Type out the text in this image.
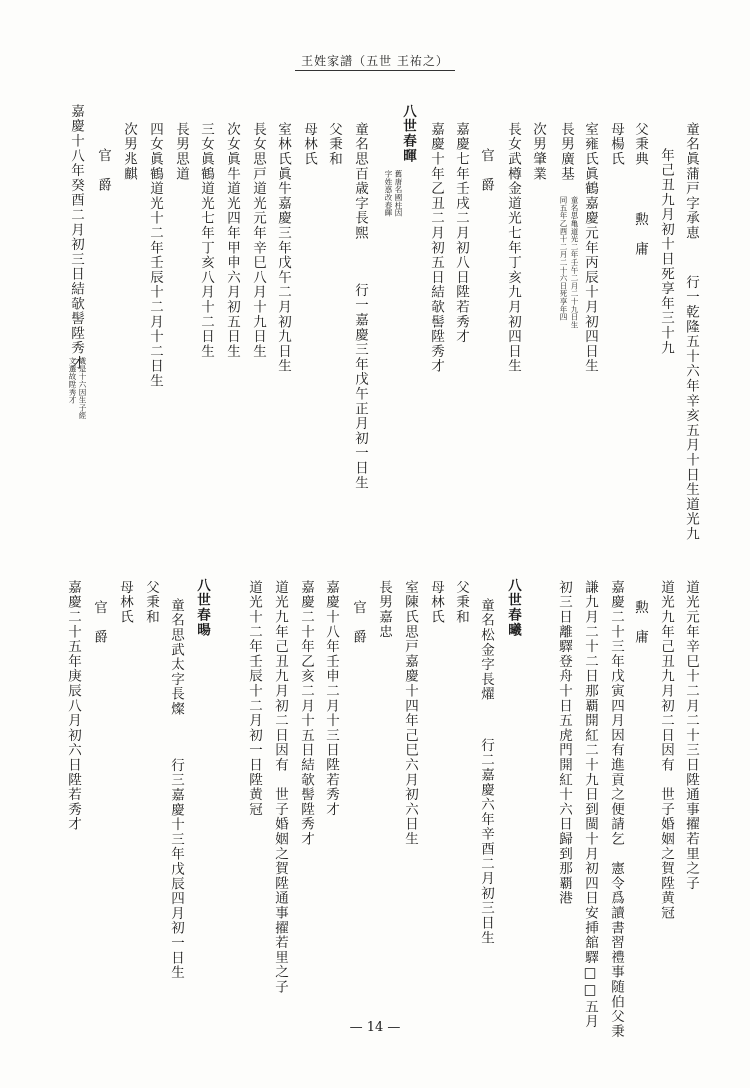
王姓家譜（五世 王祐之）
童名眞蒲戸字承恵
行一乾隆五十六年辛亥五月十日生道光九
年己丑九月初十日死享年三十九
父秉典
勲　庸
母楊氏
室雍氏眞鶴嘉慶元年丙辰十月初四日生
長男廣基
童名思亀道光二年壬午二月二十九日生
同五年乙酉十二月二十六日死享年四
次男肇業
長女武樽金道光七年丁亥九月初四日生
官　爵
嘉慶七年壬戌二月初八日陞若秀才
嘉慶十年乙丑二月初五日結欹髻陞秀才
八世春暉
舊唐名國柱因
字姓惑改春暉
童名思百歳字長煕
行一嘉慶三年戊午正月初一日生
父秉和
母林氏
室林氏眞牛嘉慶三年戊午二月初九日生
長女思戸道光元年辛巳八月十九日生
次女眞牛道光四年甲申六月初五日生
三女眞鶴道光七年丁亥八月十二日生
長男思道
四女眞鶴道光十二年壬辰十二月十二日生
次男兆麒
官　爵
嘉慶十八年癸酉二月初三日結欹髻陞秀才
歳是十六因生子經
文選故陞秀才
道光元年辛巳十二月二十三日陞通事擢若里之子
道光九年己丑九月初二日因有　世子婚姻之賀陞黄冠
勲　庸
嘉慶二十三年戊寅四月因有進貢之便請乞　憲令爲讀書習禮事随伯父秉
謙九月二十二日那覇開紅二十九日到閩十月初四日安挿舘驛□□五月
初三日離驛登舟十日五虎門開紅十六日歸到那覇港
八世春曦
童名松金字長燿
行二嘉慶六年辛酉二月初三日生
父秉和
母林氏
室陳氏思戸嘉慶十四年己巳六月初六日生
長男嘉忠
官　爵
嘉慶十八年壬申二月十三日陞若秀才
嘉慶二十年乙亥二月十五日結欹髻陞秀才
道光九年己丑九月初二日因有　世子婚姻之賀陞通事擢若里之子
道光十二年壬辰十二月初一日陞黄冠
八世春暘
童名思武太字長燦
行三嘉慶十三年戊辰四月初一日生
父秉和
母林氏
官　爵
嘉慶二十五年庚辰八月初六日陞若秀才
— 14 —
